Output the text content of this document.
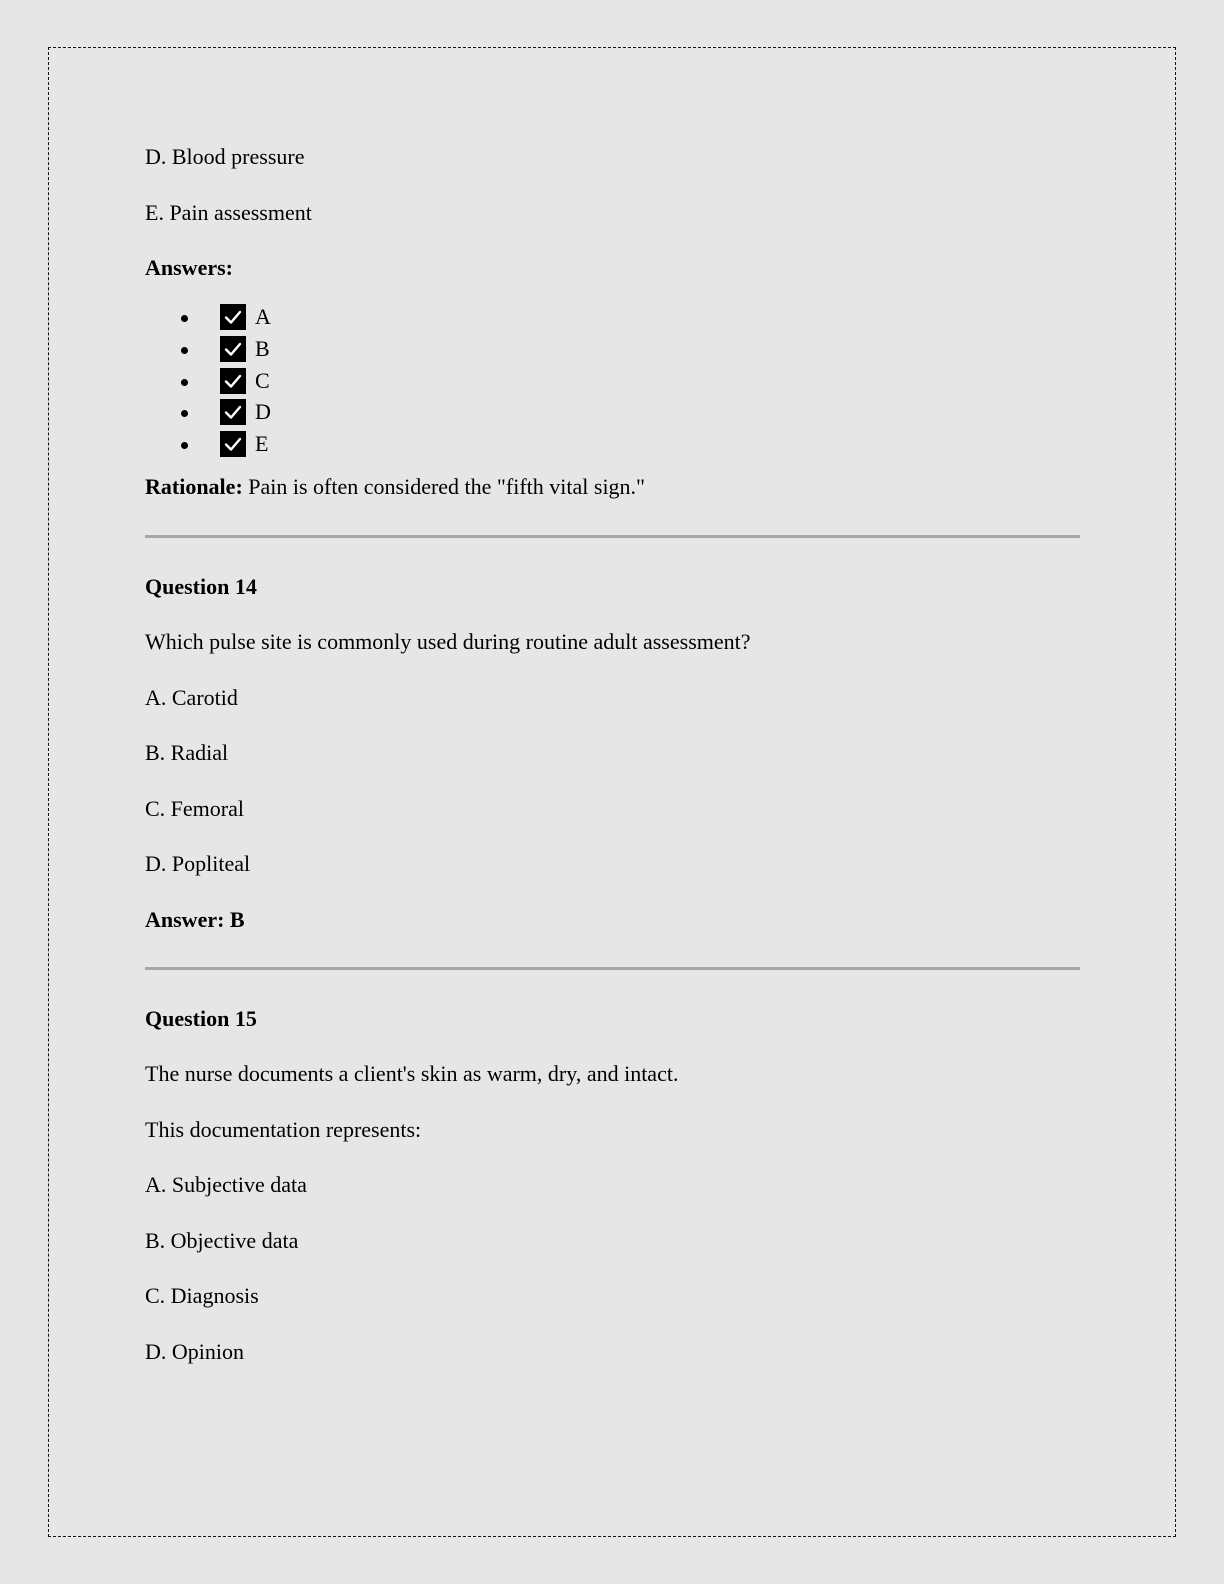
D. Blood pressure

E. Pain assessment

Answers:

A
B
C
D
E

Rationale: Pain is often considered the "fifth vital sign."

Question 14

Which pulse site is commonly used during routine adult assessment?

A. Carotid

B. Radial

C. Femoral

D. Popliteal

Answer: B

Question 15

The nurse documents a client's skin as warm, dry, and intact.

This documentation represents:

A. Subjective data

B. Objective data

C. Diagnosis

D. Opinion
